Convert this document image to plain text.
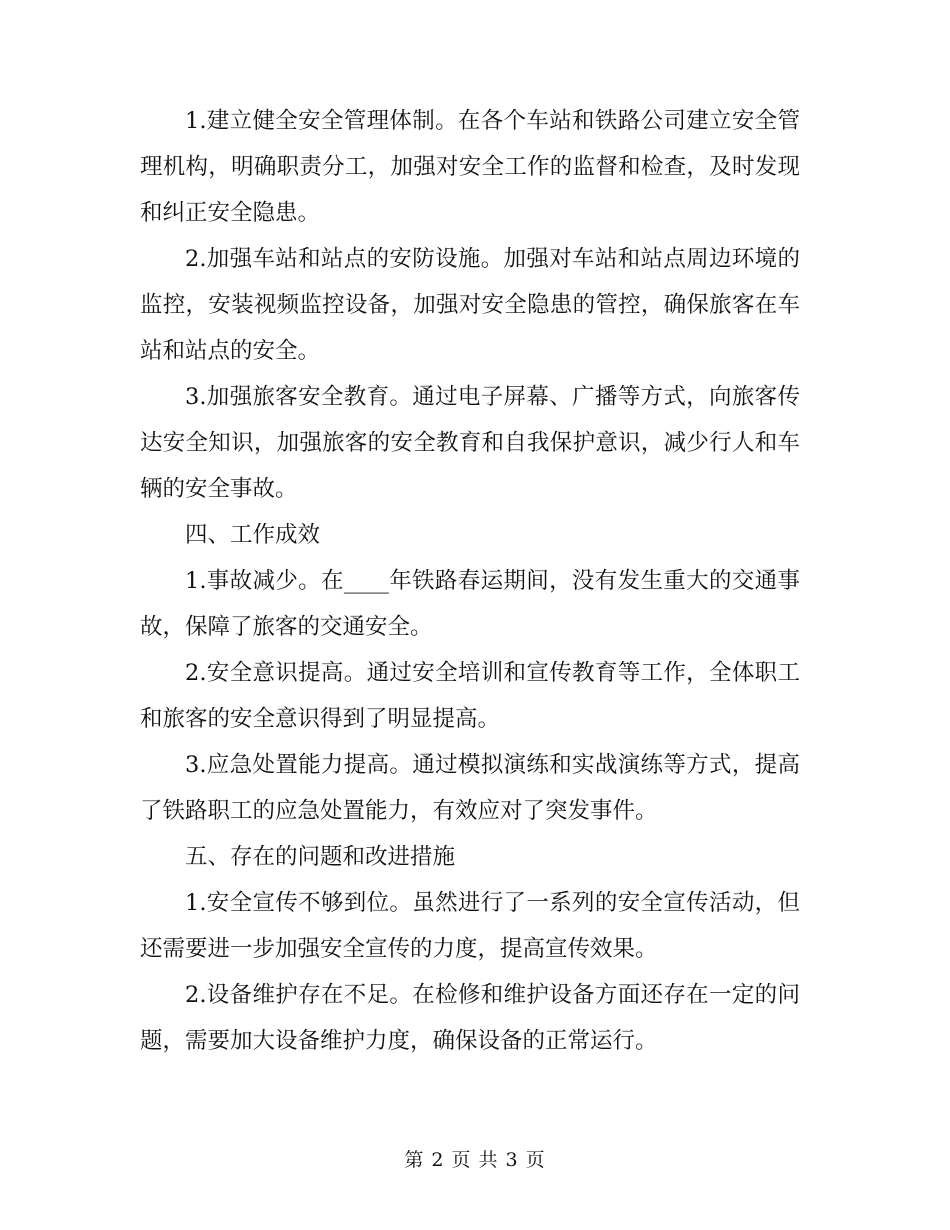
1.建立健全安全管理体制。在各个车站和铁路公司建立安全管理机构，明确职责分工，加强对安全工作的监督和检查，及时发现和纠正安全隐患。

2.加强车站和站点的安防设施。加强对车站和站点周边环境的监控，安装视频监控设备，加强对安全隐患的管控，确保旅客在车站和站点的安全。

3.加强旅客安全教育。通过电子屏幕、广播等方式，向旅客传达安全知识，加强旅客的安全教育和自我保护意识，减少行人和车辆的安全事故。

四、工作成效

1.事故减少。在____年铁路春运期间，没有发生重大的交通事故，保障了旅客的交通安全。

2.安全意识提高。通过安全培训和宣传教育等工作，全体职工和旅客的安全意识得到了明显提高。

3.应急处置能力提高。通过模拟演练和实战演练等方式，提高了铁路职工的应急处置能力，有效应对了突发事件。

五、存在的问题和改进措施

1.安全宣传不够到位。虽然进行了一系列的安全宣传活动，但还需要进一步加强安全宣传的力度，提高宣传效果。

2.设备维护存在不足。在检修和维护设备方面还存在一定的问题，需要加大设备维护力度，确保设备的正常运行。

第 2 页 共 3 页
